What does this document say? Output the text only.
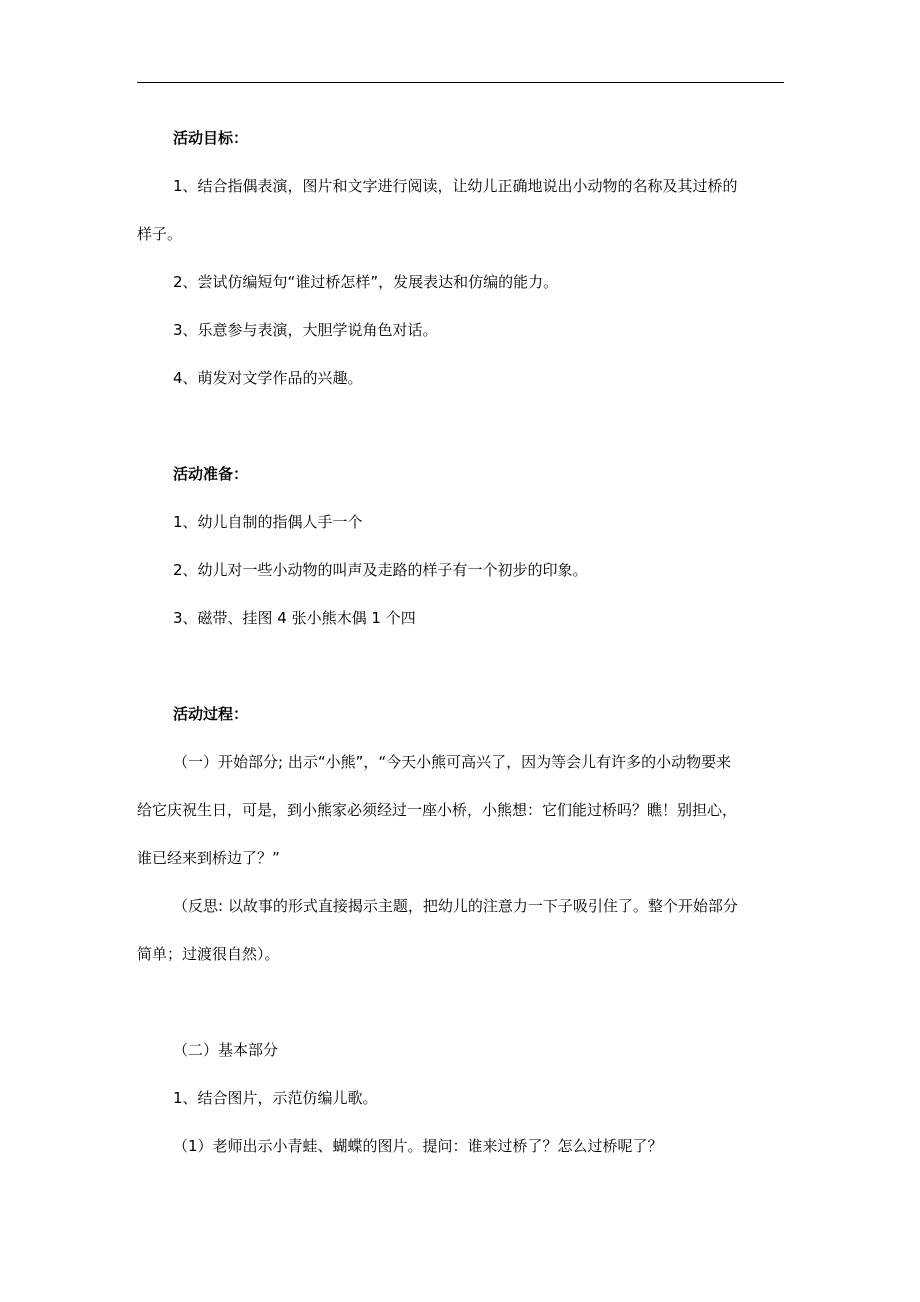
活动目标：
1、结合指偶表演，图片和文字进行阅读，让幼儿正确地说出小动物的名称及其过桥的
样子。
2、尝试仿编短句“谁过桥怎样”，发展表达和仿编的能力。
3、乐意参与表演，大胆学说角色对话。
4、萌发对文学作品的兴趣。
活动准备：
1、幼儿自制的指偶人手一个
2、幼儿对一些小动物的叫声及走路的样子有一个初步的印象。
3、磁带、挂图 4 张小熊木偶 1 个四
活动过程：
（一）开始部分; 出示“小熊”，“今天小熊可高兴了，因为等会儿有许多的小动物要来
给它庆祝生日，可是，到小熊家必须经过一座小桥，小熊想：它们能过桥吗？瞧！别担心，
谁已经来到桥边了？”
（反思: 以故事的形式直接揭示主题，把幼儿的注意力一下子吸引住了。整个开始部分
简单；过渡很自然）。
（二）基本部分
1、结合图片，示范仿编儿歌。
（1）老师出示小青蛙、蝴蝶的图片。提问：谁来过桥了？怎么过桥呢了？
